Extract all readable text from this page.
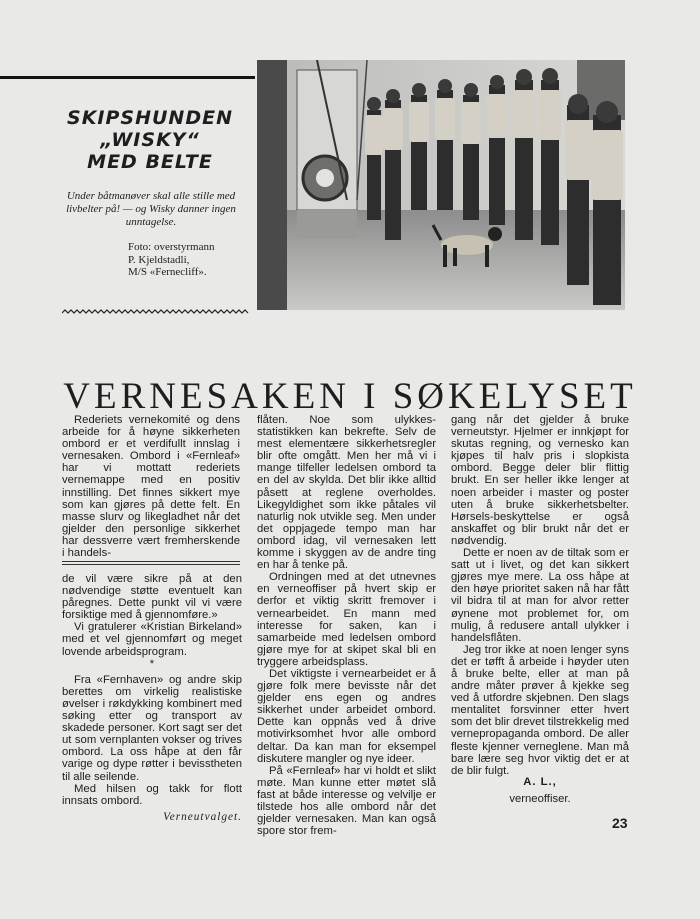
SKIPSHUNDEN
„WISKY“
MED BELTE
Under båtmanøver skal alle stille med livbelter på! — og Wisky danner ingen unntagelse.
Foto: overstyrmann
P. Kjeldstadli,
M/S «Fernecliff».
VERNESAKEN I SØKELYSET

Rederiets vernekomité og dens arbeide for å høyne sikkerheten ombord er et verdifullt innslag i vernesaken. Ombord i «Fernleaf» har vi mottatt rederiets vernemappe med en positiv innstilling. Det finnes sikkert mye som kan gjøres på dette felt. En masse slurv og likegladhet når det gjelder den personlige sikkerhet har dessverre vært fremherskende i handels-

de vil være sikre på at den nødvendige støtte eventuelt kan påregnes. Dette punkt vil vi være forsiktige med å gjennomføre.»

Vi gratulerer «Kristian Birkeland» med et vel gjennomført og meget lovende arbeidsprogram.

*

Fra «Fernhaven» og andre skip berettes om virkelig realistiske øvelser i røkdykking kombinert med søking etter og transport av skadede personer. Kort sagt ser det ut som vernplanten vokser og trives ombord. La oss håpe at den får varige og dype røtter i bevisstheten til alle seilende.

Med hilsen og takk for flott innsats ombord.

Verneutvalget.

flåten. Noe som ulykkes-statistikken kan bekrefte. Selv de mest elementære sikkerhetsregler blir ofte omgått. Men her må vi i mange tilfeller ledelsen ombord ta en del av skylda. Det blir ikke alltid påsett at reglene overholdes. Likegyldighet som ikke påtales vil naturlig nok utvikle seg. Men under det oppjagede tempo man har ombord idag, vil vernesaken lett komme i skyggen av de andre ting en har å tenke på.

Ordningen med at det utnevnes en verneoffiser på hvert skip er derfor et viktig skritt fremover i vernearbeidet. En mann med interesse for saken, kan i samarbeide med ledelsen ombord gjøre mye for at skipet skal bli en tryggere arbeidsplass.

Det viktigste i vernearbeidet er å gjøre folk mere bevisste når det gjelder ens egen og andres sikkerhet under arbeidet ombord. Dette kan oppnås ved å drive motivirksomhet hvor alle ombord deltar. Da kan man for eksempel diskutere mangler og nye ideer.

På «Fernleaf» har vi holdt et slikt møte. Man kunne etter møtet slå fast at både interesse og velvilje er tilstede hos alle ombord når det gjelder vernesaken. Man kan også spore stor frem-

gang når det gjelder å bruke verneutstyr. Hjelmer er innkjøpt for skutas regning, og vernesko kan kjøpes til halv pris i slopkista ombord. Begge deler blir flittig brukt. En ser heller ikke lenger at noen arbeider i master og poster uten å bruke sikkerhetsbelter. Hørsels-beskyttelse er også anskaffet og blir brukt når det er nødvendig.

Dette er noen av de tiltak som er satt ut i livet, og det kan sikkert gjøres mye mere. La oss håpe at den høye prioritet saken nå har fått vil bidra til at man for alvor retter øynene mot problemet for, om mulig, å redusere antall ulykker i handelsflåten.

Jeg tror ikke at noen lenger syns det er tøfft å arbeide i høyder uten å bruke belte, eller at man på andre måter prøver å kjekke seg ved å utfordre skjebnen. Den slags mentalitet forsvinner etter hvert som det blir drevet tilstrekkelig med vernepropaganda ombord. De aller fleste kjenner verneglene. Man må bare lære seg hvor viktig det er at de blir fulgt.

A. L.,
verneoffiser.
23
